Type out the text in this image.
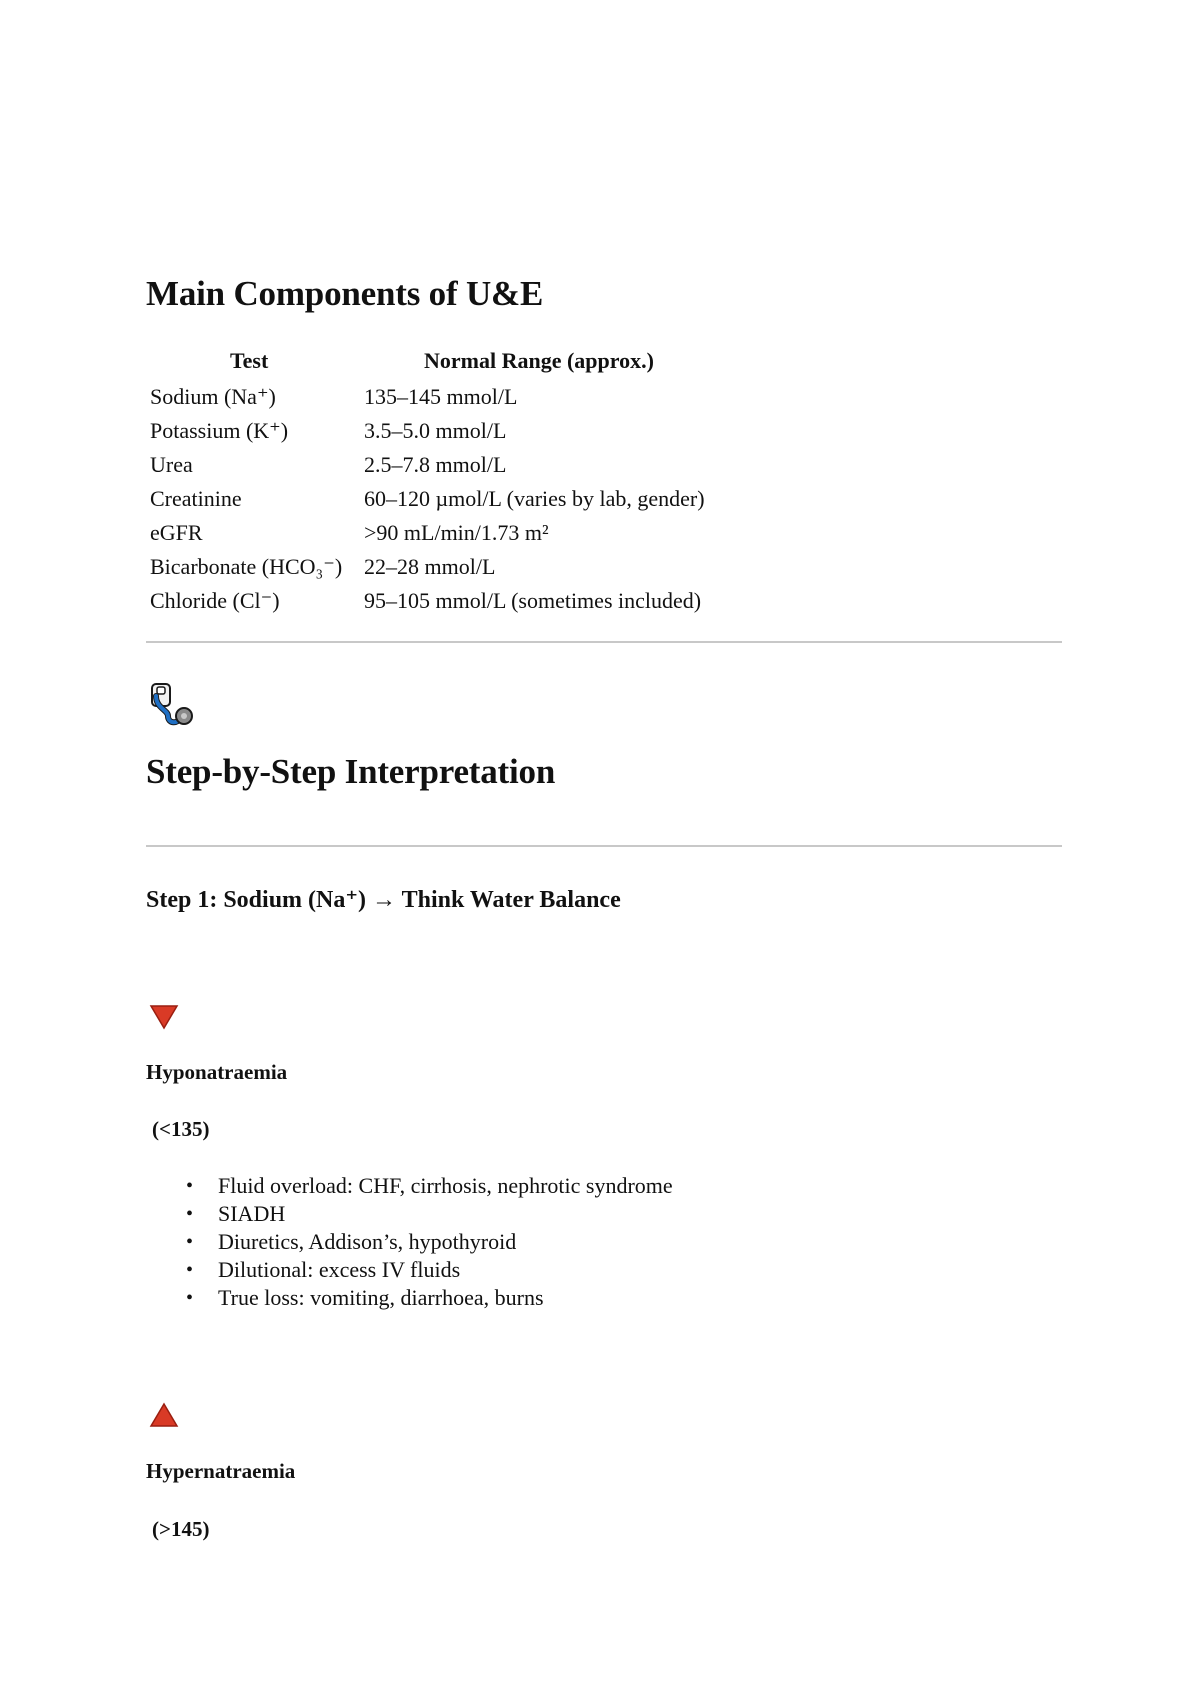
Main Components of U&E
Test	Normal Range (approx.)
Sodium (Na⁺)	135–145 mmol/L
Potassium (K⁺)	3.5–5.0 mmol/L
Urea	2.5–7.8 mmol/L
Creatinine	60–120 µmol/L (varies by lab, gender)
eGFR	>90 mL/min/1.73 m²
Bicarbonate (HCO₃⁻) 22–28 mmol/L
Chloride (Cl⁻)	95–105 mmol/L (sometimes included)
Step-by-Step Interpretation
Step 1: Sodium (Na⁺) → Think Water Balance
Hyponatraemia
(<135)
• Fluid overload: CHF, cirrhosis, nephrotic syndrome
• SIADH
• Diuretics, Addison’s, hypothyroid
• Dilutional: excess IV fluids
• True loss: vomiting, diarrhoea, burns
Hypernatraemia
(>145)
